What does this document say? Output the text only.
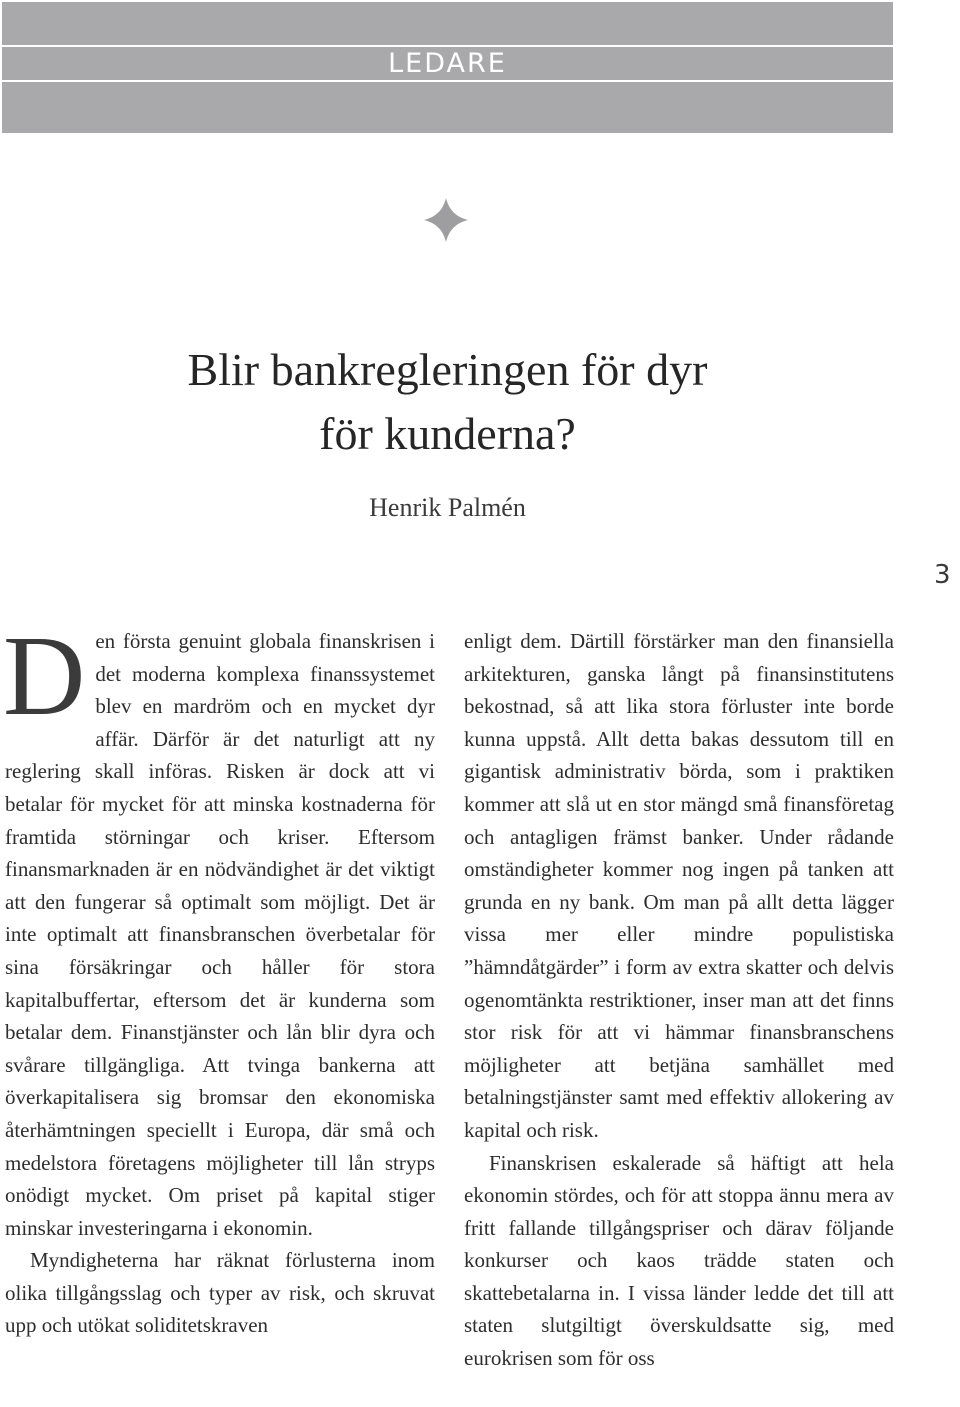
LEDARE
Blir bankregleringen för dyr
för kunderna?
Henrik Palmén
3

Den första genuint globala finanskrisen i det moderna komplexa finanssystemet blev en mardröm och en mycket dyr affär. Därför är det naturligt att ny reglering skall införas. Risken är dock att vi betalar för mycket för att minska kostnaderna för framtida störningar och kriser. Eftersom finansmarknaden är en nödvändighet är det viktigt att den fungerar så optimalt som möjligt. Det är inte optimalt att finansbranschen överbetalar för sina försäkringar och håller för stora kapitalbuffertar, eftersom det är kunderna som betalar dem. Finanstjänster och lån blir dyra och svårare tillgängliga. Att tvinga bankerna att överkapitalisera sig bromsar den ekonomiska återhämtningen speciellt i Europa, där små och medelstora företagens möjligheter till lån stryps onödigt mycket. Om priset på kapital stiger minskar investeringarna i ekonomin.

Myndigheterna har räknat förlusterna inom olika tillgångsslag och typer av risk, och skruvat upp och utökat soliditetskraven

enligt dem. Därtill förstärker man den finansiella arkitekturen, ganska långt på finansinstitutens bekostnad, så att lika stora förluster inte borde kunna uppstå. Allt detta bakas dessutom till en gigantisk administrativ börda, som i praktiken kommer att slå ut en stor mängd små finansföretag och antagligen främst banker. Under rådande omständigheter kommer nog ingen på tanken att grunda en ny bank. Om man på allt detta lägger vissa mer eller mindre populistiska ”hämndåtgärder” i form av extra skatter och delvis ogenomtänkta restriktioner, inser man att det finns stor risk för att vi hämmar finansbranschens möjligheter att betjäna samhället med betalningstjänster samt med effektiv allokering av kapital och risk.

Finanskrisen eskalerade så häftigt att hela ekonomin stördes, och för att stoppa ännu mera av fritt fallande tillgångspriser och därav följande konkurser och kaos trädde staten och skattebetalarna in. I vissa länder ledde det till att staten slutgiltigt överskuldsatte sig, med eurokrisen som för oss
